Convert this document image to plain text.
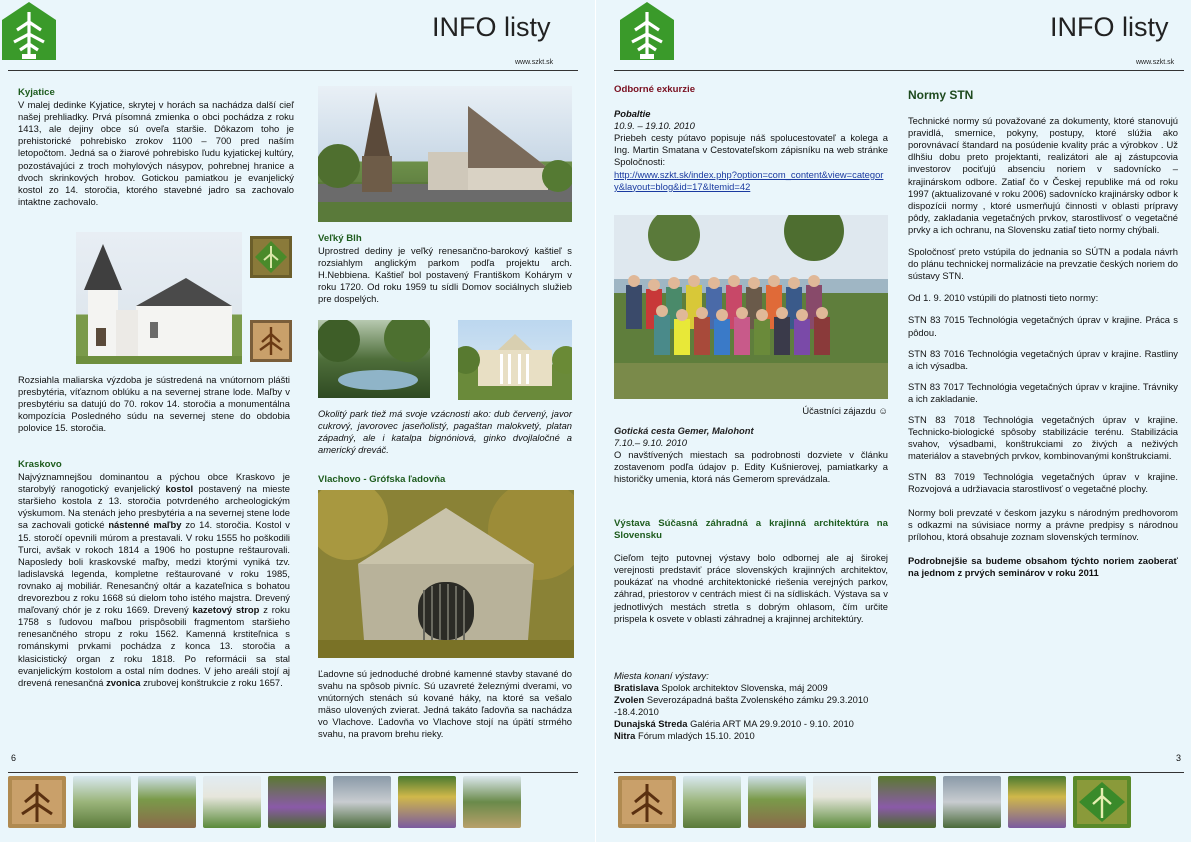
INFO listy
www.szkt.sk
Kyjatice
V malej dedinke Kyjatice, skrytej v horách sa nachádza další cieľ našej prehliadky. Prvá písomná zmienka o obci pochádza z roku 1413, ale dejiny obce sú oveľa staršie. Dôkazom toho je prehistorické pohrebisko zrokov 1100 – 700 pred naším letopočtom. Jedná sa o žiarové pohrebisko ľudu kyjatickej kultúry, pozostávajúci z troch mohylových násypov, pohrebnej hranice a dvoch skrinkových hrobov. Gotickou pamiatkou je evanjelický kostol zo 14. storočia, ktorého stavebné jadro sa zachovalo intaktne zachovalo.
Rozsiahla maliarska výzdoba je sústredená na vnútornom plášti presbytéria, víťaznom oblúku a na severnej strane lode. Maľby v presbytériu sa datujú do 70. rokov 14. storočia a monumentálna kompozícia Posledného súdu na severnej stene do obdobia polovice 15. storočia.
Kraskovo
Najvýznamnejšou dominantou a pýchou obce Kraskovo je starobylý ranogotický evanjelický kostol postavený na mieste staršieho kostola z 13. storočia potvrdeného archeologickým výskumom. Na stenách jeho presbytéria a na severnej stene lode sa zachovali gotické nástenné maľby zo 14. storočia. Kostol v 15. storočí opevnili múrom a prestavali. V roku 1555 ho poškodili Turci, avšak v rokoch 1814 a 1906 ho postupne reštaurovali. Naposledy boli kraskovské maľby, medzi ktorými vyniká tzv. ladislavská legenda, kompletne reštaurované v roku 1985, rovnako aj mobiliár. Renesančný oltár a kazateľnica s bohatou drevorezbou z roku 1668 sú dielom toho istého majstra. Drevený maľovaný chór je z roku 1669. Drevený kazetový strop z roku 1758 s ľudovou maľbou prispôsobili fragmentom staršieho renesančného stropu z roku 1562. Kamenná krstiteľnica s románskymi prvkami pochádza z konca 13. storočia a klasicistický organ z roku 1818. Po reformácii sa stal evanjelickým kostolom a ostal ním dodnes. V jeho areáli stojí aj drevená renesančná zvonica zrubovej konštrukcie z roku 1657.
Veľký Blh
Uprostred dediny je veľký renesančno-barokový kaštieľ s rozsiahlym anglickým parkom podľa projektu arch. H.Nebbiena. Kaštieľ bol postavený Františkom Kohárym v roku 1720. Od roku 1959 tu sídli Domov sociálnych služieb pre dospelých.
Okolitý park tiež má svoje vzácnosti ako: dub červený, javor cukrový, javorovec jaseňolistý, pagaštan malokvetý, platan západný, ale i katalpa bignóniová, ginko dvojlaločné a americký dreváč.
Vlachovo - Grófska ľadovňa
Ľadovne sú jednoduché drobné kamenné stavby stavané do svahu na spôsob pivníc. Sú uzavreté železnými dverami, vo vnútorných stenách sú kované háky, na ktoré sa vešalo mäso ulovených zvierat. Jedná takáto ľadovňa sa nachádza vo Vlachove. Ľadovňa vo Vlachove stojí na úpätí strmého svahu, na pravom brehu rieky.
6
INFO listy
www.szkt.sk
Odborné exkurzie
Pobaltie
10.9. – 19.10. 2010
Priebeh cesty pútavo popisuje náš spolucestovateľ a kolega a Ing. Martin Smatana v Cestovateľskom zápisníku na web stránke Spoločnosti:
http://www.szkt.sk/index.php?option=com_content&view=category&layout=blog&id=17&Itemid=42
Účastníci zájazdu ☺
Gotická cesta Gemer, Malohont
7.10.– 9.10. 2010
O navštívených miestach sa podrobnosti dozviete v článku zostavenom podľa údajov p. Edity Kušnierovej, pamiatkarky a historičky umenia, ktorá nás Gemerom sprevádzala.
Výstava Súčasná záhradná a krajinná architektúra na Slovensku
Cieľom tejto putovnej výstavy bolo odbornej ale aj širokej verejnosti predstaviť práce slovenských krajinných architektov, poukázať na vhodné architektonické riešenia verejných parkov, záhrad, priestorov v centrách miest či na sídliskách. Výstava sa v jednotlivých mestách stretla s dobrým ohlasom, čím určite prispela k osvete v oblasti záhradnej a krajinnej architektúry.
Miesta konaní výstavy:
Bratislava Spolok architektov Slovenska, máj 2009
Zvolen Severozápadná bašta Zvolenského zámku 29.3.2010 -18.4.2010
Dunajská Streda Galéria ART MA 29.9.2010 - 9.10. 2010
Nitra Fórum mladých 15.10. 2010
Normy STN
Technické normy sú považované za dokumenty, ktoré stanovujú pravidlá, smernice, pokyny, postupy, ktoré slúžia ako porovnávací štandard na posúdenie kvality prác a výrobkov . Už dlhšiu dobu preto projektanti, realizátori ale aj zástupcovia investorov pociťujú absenciu noriem v sadovnícko – krajinárskom odbore. Zatiaľ čo v Českej republike má od roku 1997 (aktualizované v roku 2006) sadovnícko krajinársky odbor k dispozícii normy , ktoré usmerňujú činnosti v oblasti prípravy pôdy, zakladania vegetačných prvkov, starostlivosť o vegetačné prvky a ich ochranu, na Slovensku zatiaľ tieto normy chýbali.
Spoločnosť preto vstúpila do jednania so SÚTN a podala návrh do plánu technickej normalizácie na prevzatie českých noriem do sústavy STN.
Od 1. 9. 2010 vstúpili do platnosti tieto normy:
STN 83 7015 Technológia vegetačných úprav v krajine. Práca s pôdou.
STN 83 7016 Technológia vegetačných úprav v krajine. Rastliny a ich výsadba.
STN 83 7017 Technológia vegetačných úprav v krajine. Trávniky a ich zakladanie.
STN 83 7018 Technológia vegetačných úprav v krajine. Technicko-biologické spôsoby stabilizácie terénu. Stabilizácia svahov, výsadbami, konštrukciami zo živých a neživých materiálov a stavebných prvkov, kombinovanými konštrukciami.
STN 83 7019 Technológia vegetačných úprav v krajine. Rozvojová a udržiavacia starostlivosť o vegetačné plochy.
Normy boli prevzaté v českom jazyku s národným predhovorom s odkazmi na súvisiace normy a právne predpisy s národnou prílohou, ktorá obsahuje zoznam slovenských termínov.
Podrobnejšie sa budeme obsahom týchto noriem zaoberať na jednom z prvých seminárov v roku 2011
3
